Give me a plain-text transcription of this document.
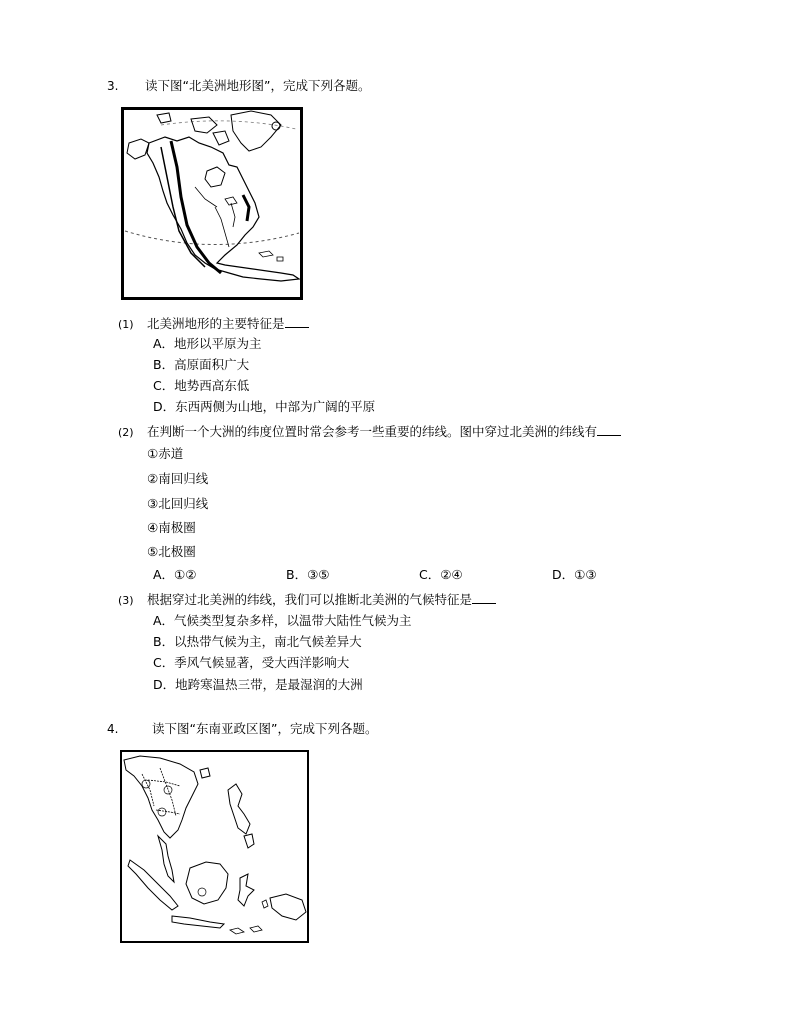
3. 读下图“北美洲地形图”，完成下列各题。
(1) 北美洲地形的主要特征是
A．地形以平原为主
B．高原面积广大
C．地势西高东低
D．东西两侧为山地，中部为广阔的平原
(2) 在判断一个大洲的纬度位置时常会参考一些重要的纬线。图中穿过北美洲的纬线有
①赤道
②南回归线
③北回归线
④南极圈
⑤北极圈
A．①②	B．③⑤	C．②④	D．①③
(3) 根据穿过北美洲的纬线，我们可以推断北美洲的气候特征是
A．气候类型复杂多样，以温带大陆性气候为主
B．以热带气候为主，南北气候差异大
C．季风气候显著，受大西洋影响大
D．地跨寒温热三带，是最湿润的大洲
4.	读下图“东南亚政区图”，完成下列各题。
